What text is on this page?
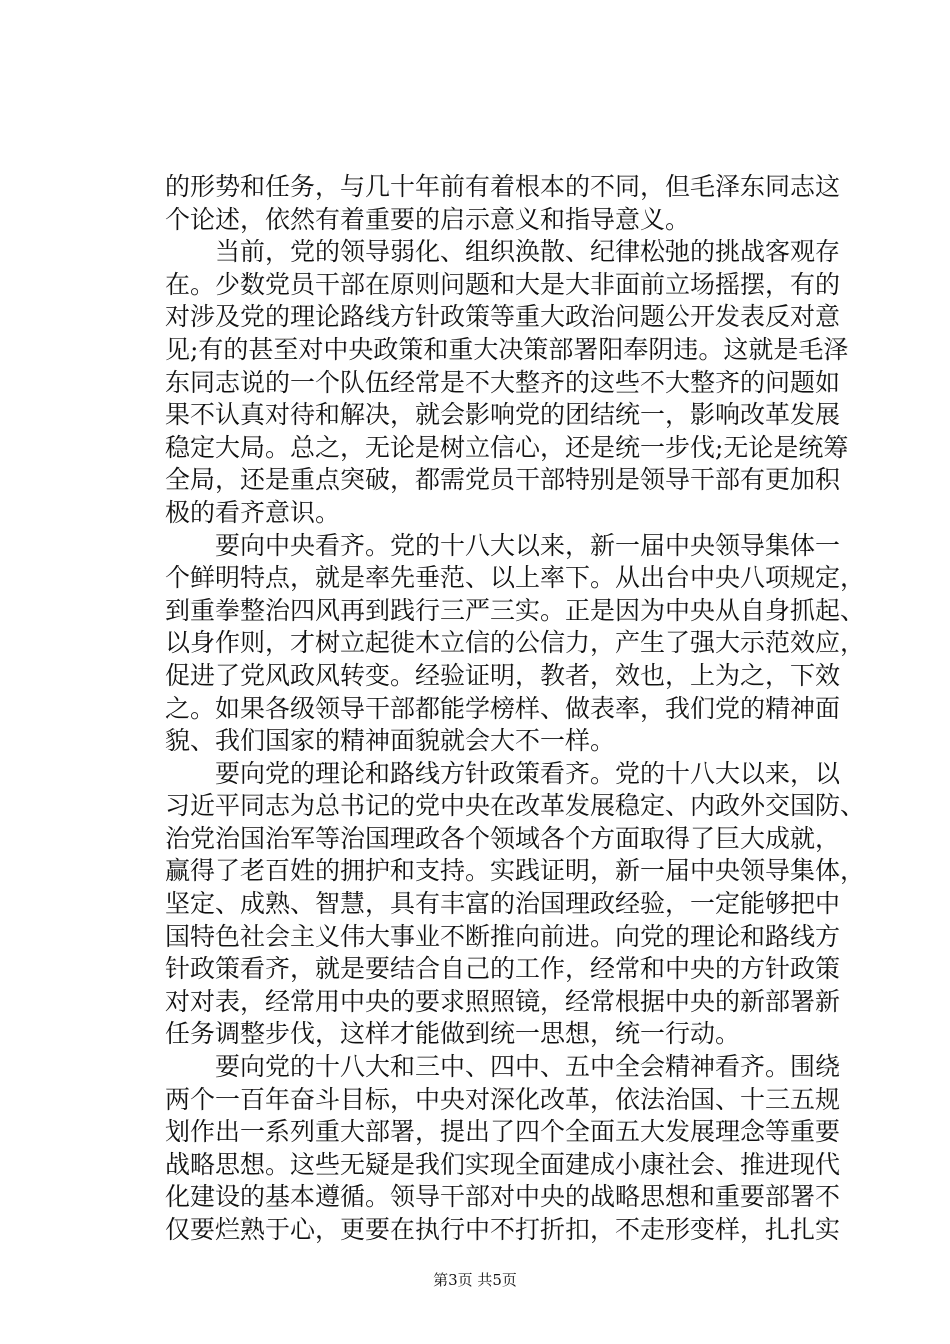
的形势和任务，与几十年前有着根本的不同，但毛泽东同志这
个论述，依然有着重要的启示意义和指导意义。
当前，党的领导弱化、组织涣散、纪律松弛的挑战客观存
在。少数党员干部在原则问题和大是大非面前立场摇摆，有的
对涉及党的理论路线方针政策等重大政治问题公开发表反对意
见;有的甚至对中央政策和重大决策部署阳奉阴违。这就是毛泽
东同志说的一个队伍经常是不大整齐的这些不大整齐的问题如
果不认真对待和解决，就会影响党的团结统一，影响改革发展
稳定大局。总之，无论是树立信心，还是统一步伐;无论是统筹
全局，还是重点突破，都需党员干部特别是领导干部有更加积
极的看齐意识。
要向中央看齐。党的十八大以来，新一届中央领导集体一
个鲜明特点，就是率先垂范、以上率下。从出台中央八项规定，
到重拳整治四风再到践行三严三实。正是因为中央从自身抓起、
以身作则，才树立起徙木立信的公信力，产生了强大示范效应，
促进了党风政风转变。经验证明，教者，效也，上为之，下效
之。如果各级领导干部都能学榜样、做表率，我们党的精神面
貌、我们国家的精神面貌就会大不一样。
要向党的理论和路线方针政策看齐。党的十八大以来，以
习近平同志为总书记的党中央在改革发展稳定、内政外交国防、
治党治国治军等治国理政各个领域各个方面取得了巨大成就，
赢得了老百姓的拥护和支持。实践证明，新一届中央领导集体，
坚定、成熟、智慧，具有丰富的治国理政经验，一定能够把中
国特色社会主义伟大事业不断推向前进。向党的理论和路线方
针政策看齐，就是要结合自己的工作，经常和中央的方针政策
对对表，经常用中央的要求照照镜，经常根据中央的新部署新
任务调整步伐，这样才能做到统一思想，统一行动。
要向党的十八大和三中、四中、五中全会精神看齐。围绕
两个一百年奋斗目标，中央对深化改革，依法治国、十三五规
划作出一系列重大部署，提出了四个全面五大发展理念等重要
战略思想。这些无疑是我们实现全面建成小康社会、推进现代
化建设的基本遵循。领导干部对中央的战略思想和重要部署不
仅要烂熟于心，更要在执行中不打折扣，不走形变样，扎扎实
第3页 共5页
